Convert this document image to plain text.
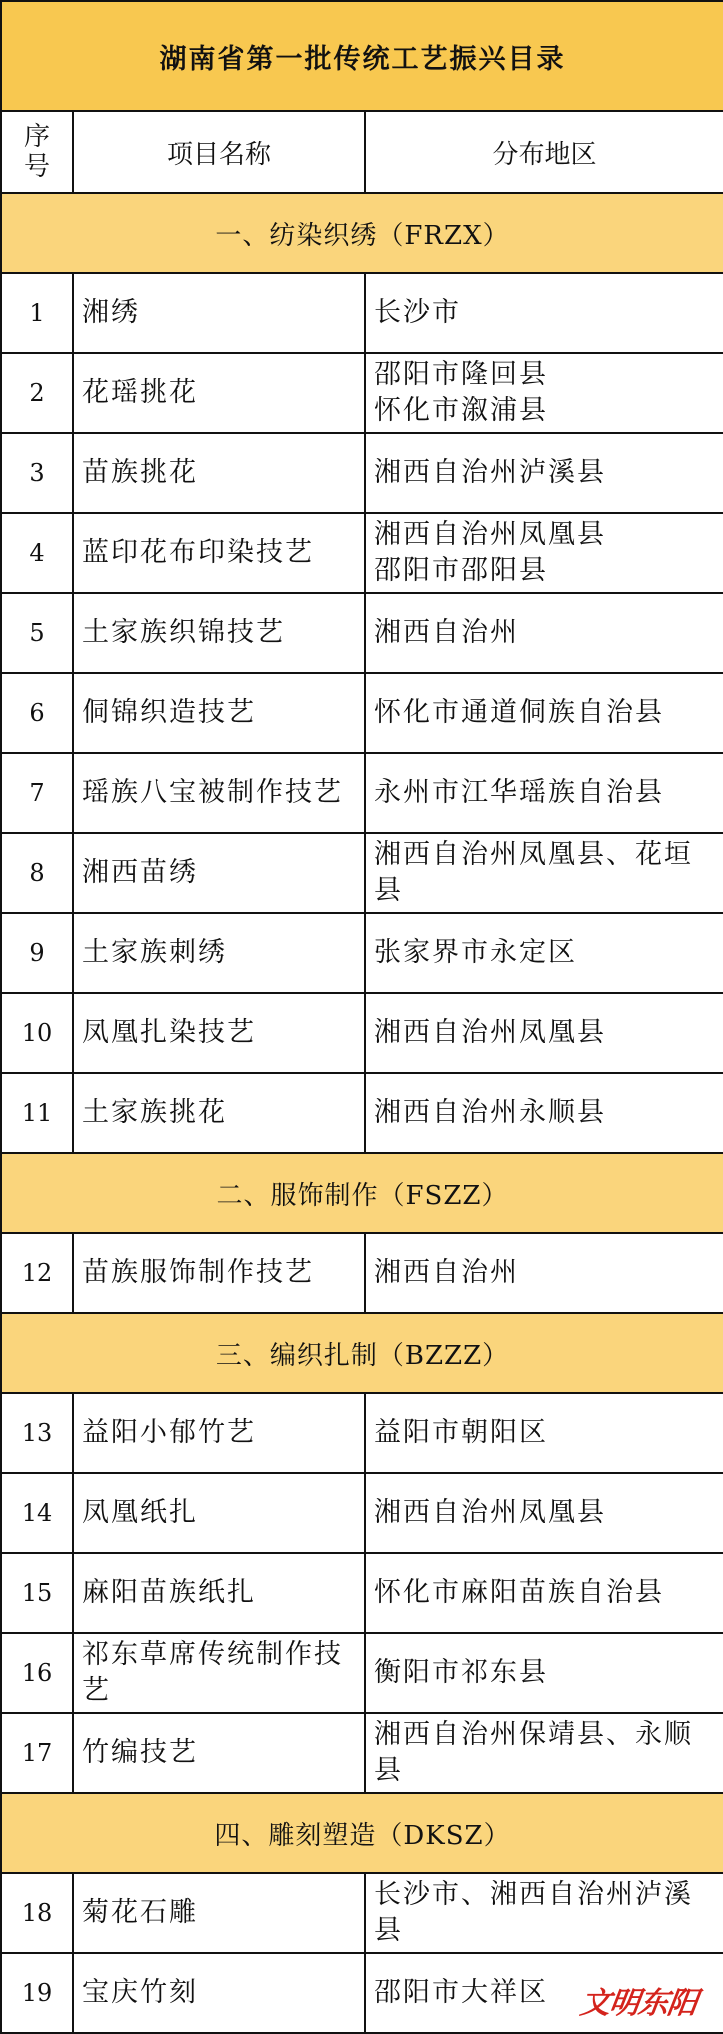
湖南省第一批传统工艺振兴目录		
序号	项目名称	分布地区
一、纺染织绣（FRZX）		
1	湘绣	长沙市
2	花瑶挑花	邵阳市隆回县
怀化市溆浦县
3	苗族挑花	湘西自治州泸溪县
4	蓝印花布印染技艺	湘西自治州凤凰县
邵阳市邵阳县
5	土家族织锦技艺	湘西自治州
6	侗锦织造技艺	怀化市通道侗族自治县
7	瑶族八宝被制作技艺	永州市江华瑶族自治县
8	湘西苗绣	湘西自治州凤凰县、花垣县
9	土家族刺绣	张家界市永定区
10	凤凰扎染技艺	湘西自治州凤凰县
11	土家族挑花	湘西自治州永顺县
二、服饰制作（FSZZ）		
12	苗族服饰制作技艺	湘西自治州
三、编织扎制（BZZZ）		
13	益阳小郁竹艺	益阳市朝阳区
14	凤凰纸扎	湘西自治州凤凰县
15	麻阳苗族纸扎	怀化市麻阳苗族自治县
16	祁东草席传统制作技艺	衡阳市祁东县
17	竹编技艺	湘西自治州保靖县、永顺县
四、雕刻塑造（DKSZ）		
18	菊花石雕	长沙市、湘西自治州泸溪县
19	宝庆竹刻	邵阳市大祥区 文明东阳
